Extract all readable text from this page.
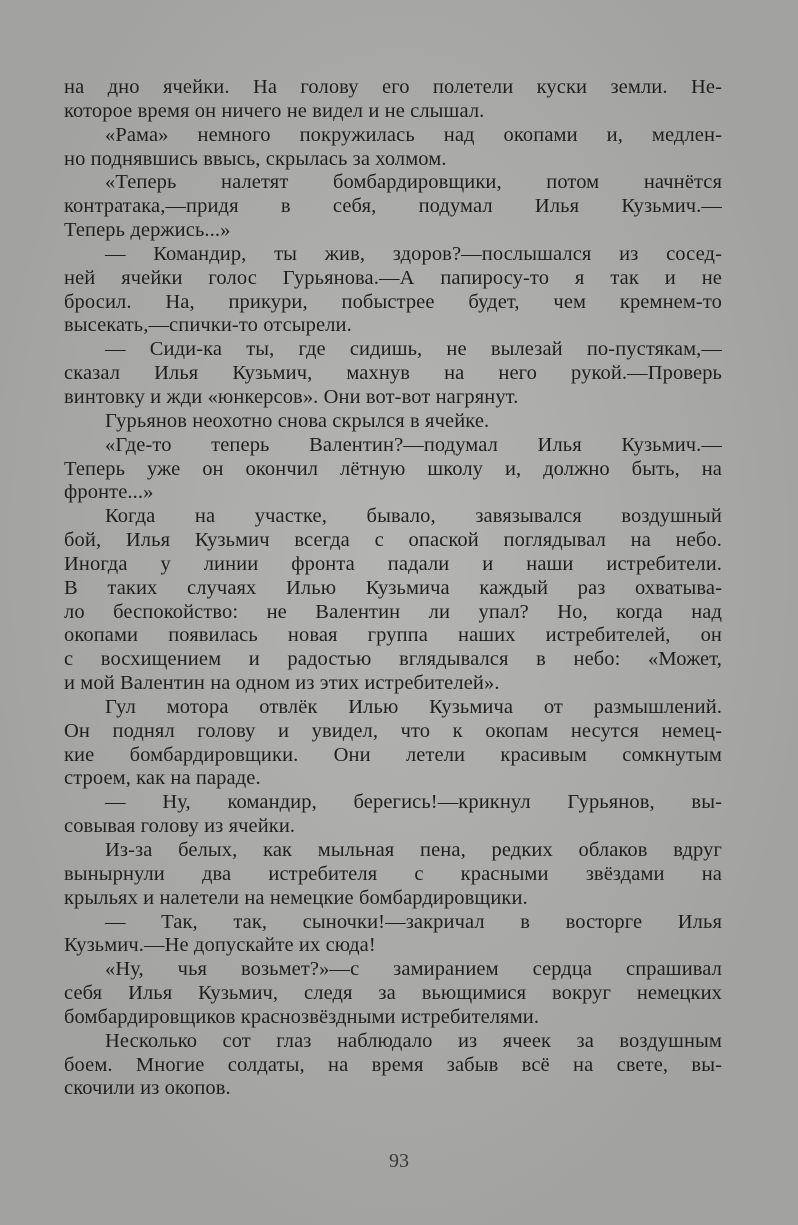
на дно ячейки. На голову его полетели куски земли. Не-
которое время он ничего не видел и не слышал.
«Рама» немного покружилась над окопами и, медлен-
но поднявшись ввысь, скрылась за холмом.
«Теперь налетят бомбардировщики, потом начнётся
контратака,—придя в себя, подумал Илья Кузьмич.—
Теперь держись...»
— Командир, ты жив, здоров?—послышался из сосед-
ней ячейки голос Гурьянова.—А папиросу-то я так и не
бросил. На, прикури, побыстрее будет, чем кремнем-то
высекать,—спички-то отсырели.
— Сиди-ка ты, где сидишь, не вылезай по-пустякам,—
сказал Илья Кузьмич, махнув на него рукой.—Проверь
винтовку и жди «юнкерсов». Они вот-вот нагрянут.
Гурьянов неохотно снова скрылся в ячейке.
«Где-то теперь Валентин?—подумал Илья Кузьмич.—
Теперь уже он окончил лётную школу и, должно быть, на
фронте...»
Когда на участке, бывало, завязывался воздушный
бой, Илья Кузьмич всегда с опаской поглядывал на небо.
Иногда у линии фронта падали и наши истребители.
В таких случаях Илью Кузьмича каждый раз охватыва-
ло беспокойство: не Валентин ли упал? Но, когда над
окопами появилась новая группа наших истребителей, он
с восхищением и радостью вглядывался в небо: «Может,
и мой Валентин на одном из этих истребителей».
Гул мотора отвлёк Илью Кузьмича от размышлений.
Он поднял голову и увидел, что к окопам несутся немец-
кие бомбардировщики. Они летели красивым сомкнутым
строем, как на параде.
— Ну, командир, берегись!—крикнул Гурьянов, вы-
совывая голову из ячейки.
Из-за белых, как мыльная пена, редких облаков вдруг
вынырнули два истребителя с красными звёздами на
крыльях и налетели на немецкие бомбардировщики.
— Так, так, сыночки!—закричал в восторге Илья
Кузьмич.—Не допускайте их сюда!
«Ну, чья возьмет?»—с замиранием сердца спрашивал
себя Илья Кузьмич, следя за вьющимися вокруг немецких
бомбардировщиков краснозвёздными истребителями.
Несколько сот глаз наблюдало из ячеек за воздушным
боем. Многие солдаты, на время забыв всё на свете, вы-
скочили из окопов.
93
